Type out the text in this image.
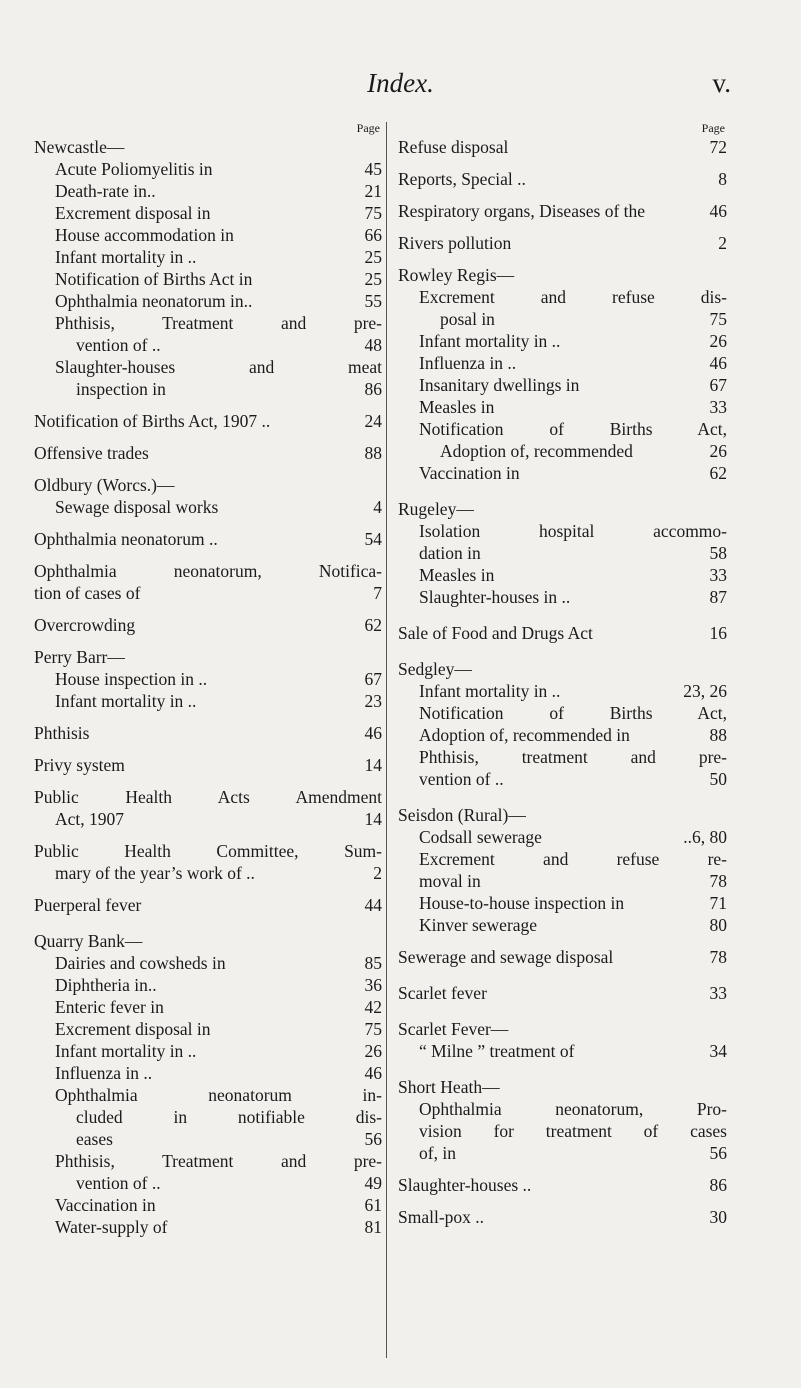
Index.	v.
Page
Newcastle—
Acute Poliomyelitis in	45
Death-rate in..	21
Excrement disposal in	75
House accommodation in	66
Infant mortality in ..	25
Notification of Births Act in	25
Ophthalmia neonatorum in..	55
Phthisis, Treatment and pre-
vention of ..	48
Slaughter-houses and meat
inspection in	86
Notification of Births Act, 1907 ..	24
Offensive trades	88
Oldbury (Worcs.)—
Sewage disposal works	4
Ophthalmia neonatorum ..	54
Ophthalmia neonatorum, Notifica-
tion of cases of	7
Overcrowding	62
Perry Barr—
House inspection in ..	67
Infant mortality in ..	23
Phthisis	46
Privy system	14
Public Health Acts Amendment
Act, 1907	14
Public Health Committee, Sum-
mary of the year’s work of ..	2
Puerperal fever	44
Quarry Bank—
Dairies and cowsheds in	85
Diphtheria in..	36
Enteric fever in	42
Excrement disposal in	75
Infant mortality in ..	26
Influenza in ..	46
Ophthalmia neonatorum in-
cluded in notifiable dis-
eases	56
Phthisis, Treatment and pre-
vention of ..	49
Vaccination in	61
Water-supply of	81
Page
Refuse disposal	72
Reports, Special ..	8
Respiratory organs, Diseases of the	46
Rivers pollution	2
Rowley Regis—
Excrement and refuse dis-
posal in	75
Infant mortality in ..	26
Influenza in ..	46
Insanitary dwellings in	67
Measles in	33
Notification of Births Act,
Adoption of, recommended	26
Vaccination in	62
Rugeley—
Isolation hospital accommo-
dation in	58
Measles in	33
Slaughter-houses in ..	87
Sale of Food and Drugs Act	16
Sedgley—
Infant mortality in ..	23, 26
Notification of Births Act,
Adoption of, recommended in	88
Phthisis, treatment and pre-
vention of ..	50
Seisdon (Rural)—
Codsall sewerage	..6, 80
Excrement and refuse re-
moval in	78
House-to-house inspection in	71
Kinver sewerage	80
Sewerage and sewage disposal	78
Scarlet fever	33
Scarlet Fever—
“ Milne ” treatment of	34
Short Heath—
Ophthalmia neonatorum, Pro-
vision for treatment of cases
of, in	56
Slaughter-houses ..	86
Small-pox ..	30
